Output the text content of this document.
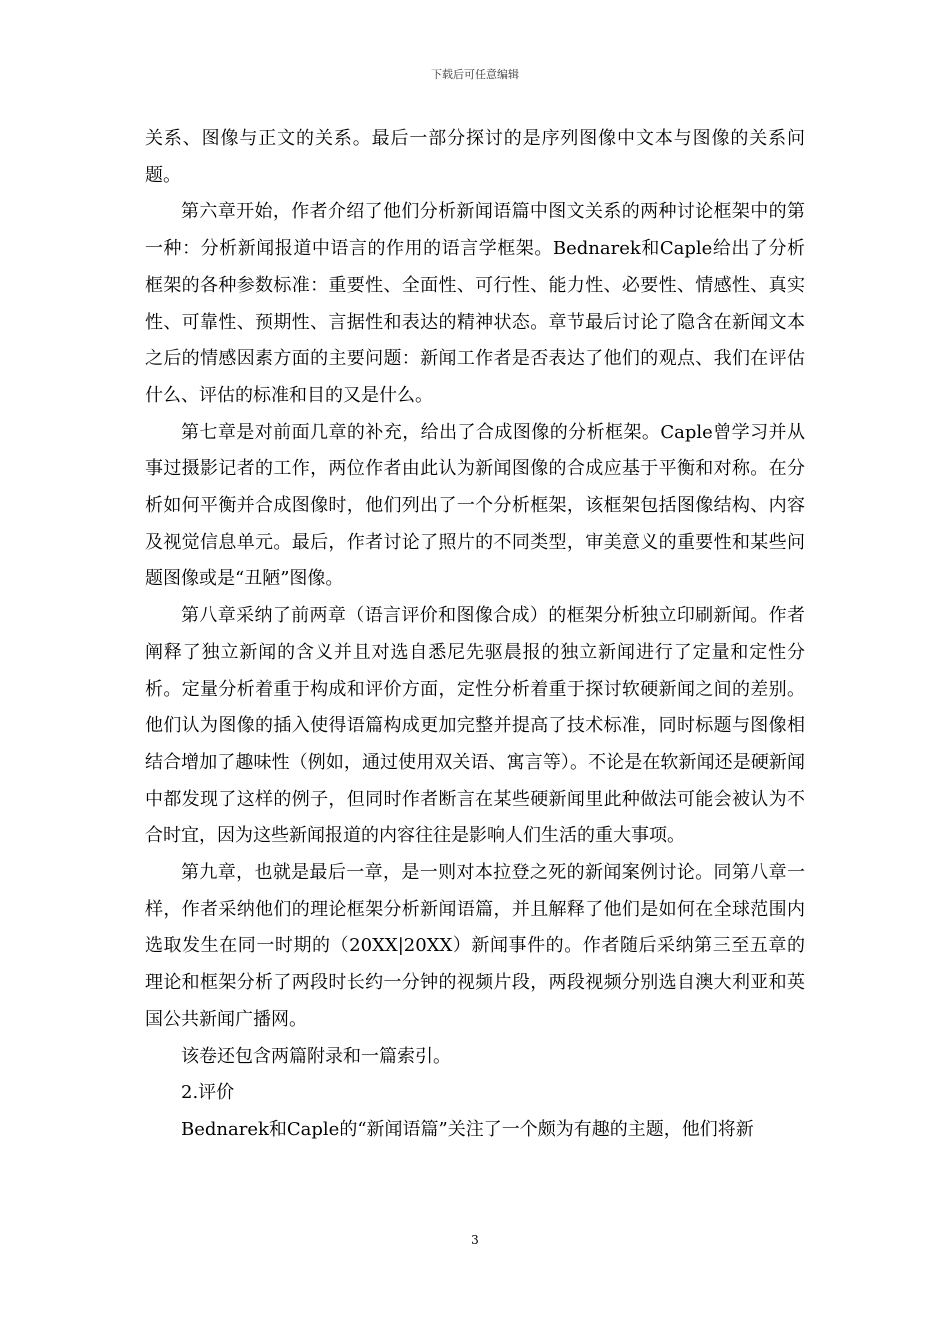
下载后可任意编辑

关系、图像与正文的关系。最后一部分探讨的是序列图像中文本与图像的关系问题。

第六章开始，作者介绍了他们分析新闻语篇中图文关系的两种讨论框架中的第一种：分析新闻报道中语言的作用的语言学框架。Bednarek和Caple给出了分析框架的各种参数标准：重要性、全面性、可行性、能力性、必要性、情感性、真实性、可靠性、预期性、言据性和表达的精神状态。章节最后讨论了隐含在新闻文本之后的情感因素方面的主要问题：新闻工作者是否表达了他们的观点、我们在评估什么、评估的标准和目的又是什么。

第七章是对前面几章的补充，给出了合成图像的分析框架。Caple曾学习并从事过摄影记者的工作，两位作者由此认为新闻图像的合成应基于平衡和对称。在分析如何平衡并合成图像时，他们列出了一个分析框架，该框架包括图像结构、内容及视觉信息单元。最后，作者讨论了照片的不同类型，审美意义的重要性和某些问题图像或是“丑陋”图像。

第八章采纳了前两章（语言评价和图像合成）的框架分析独立印刷新闻。作者阐释了独立新闻的含义并且对选自悉尼先驱晨报的独立新闻进行了定量和定性分析。定量分析着重于构成和评价方面，定性分析着重于探讨软硬新闻之间的差别。他们认为图像的插入使得语篇构成更加完整并提高了技术标准，同时标题与图像相结合增加了趣味性（例如，通过使用双关语、寓言等）。不论是在软新闻还是硬新闻中都发现了这样的例子，但同时作者断言在某些硬新闻里此种做法可能会被认为不合时宜，因为这些新闻报道的内容往往是影响人们生活的重大事项。

第九章，也就是最后一章，是一则对本拉登之死的新闻案例讨论。同第八章一样，作者采纳他们的理论框架分析新闻语篇，并且解释了他们是如何在全球范围内选取发生在同一时期的（20XX|20XX）新闻事件的。作者随后采纳第三至五章的理论和框架分析了两段时长约一分钟的视频片段，两段视频分别选自澳大利亚和英国公共新闻广播网。

该卷还包含两篇附录和一篇索引。

2.评价

Bednarek和Caple的“新闻语篇”关注了一个颇为有趣的主题，他们将新

3
